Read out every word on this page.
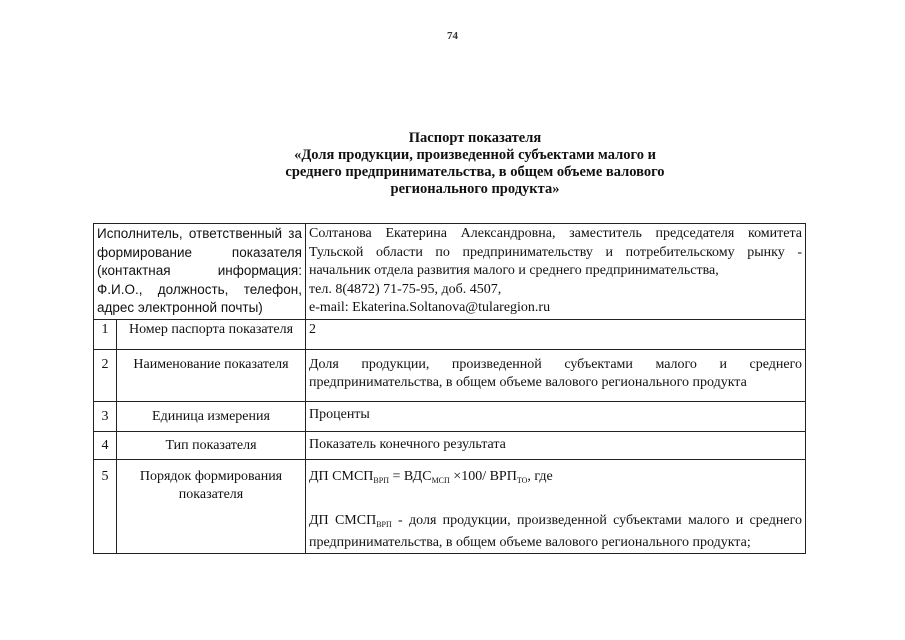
74
Паспорт показателя
«Доля продукции, произведенной субъектами малого и
среднего предпринимательства, в общем объеме валового
регионального продукта»
Исполнитель, ответственный за формирование показателя (контактная информация: Ф.И.О., должность, телефон, адрес электронной почты)		Солтанова Екатерина Александровна, заместитель председателя комитета Тульской области по предпринимательству и потребительскому рынку - начальник отдела развития малого и среднего предпринимательства,
тел. 8(4872) 71-75-95, доб. 4507,
e-mail: Ekaterina.Soltanova@tularegion.ru

1	Номер паспорта показателя	2
2	Наименование показателя	Доля продукции, произведенной субъектами малого и среднего предпринимательства, в общем объеме валового регионального продукта
3	Единица измерения	Проценты
4	Тип показателя	Показатель конечного результата
5	Порядок формирования показателя	ДП $СМСП_{ВРП} = ВДС_{МСП} \times 100/$ $ВРП_{ТО}$, где
ДП $СМСП_{ВРП}$ - доля продукции, произведенной субъектами малого и среднего предпринимательства, в общем объеме валового регионального продукта;
